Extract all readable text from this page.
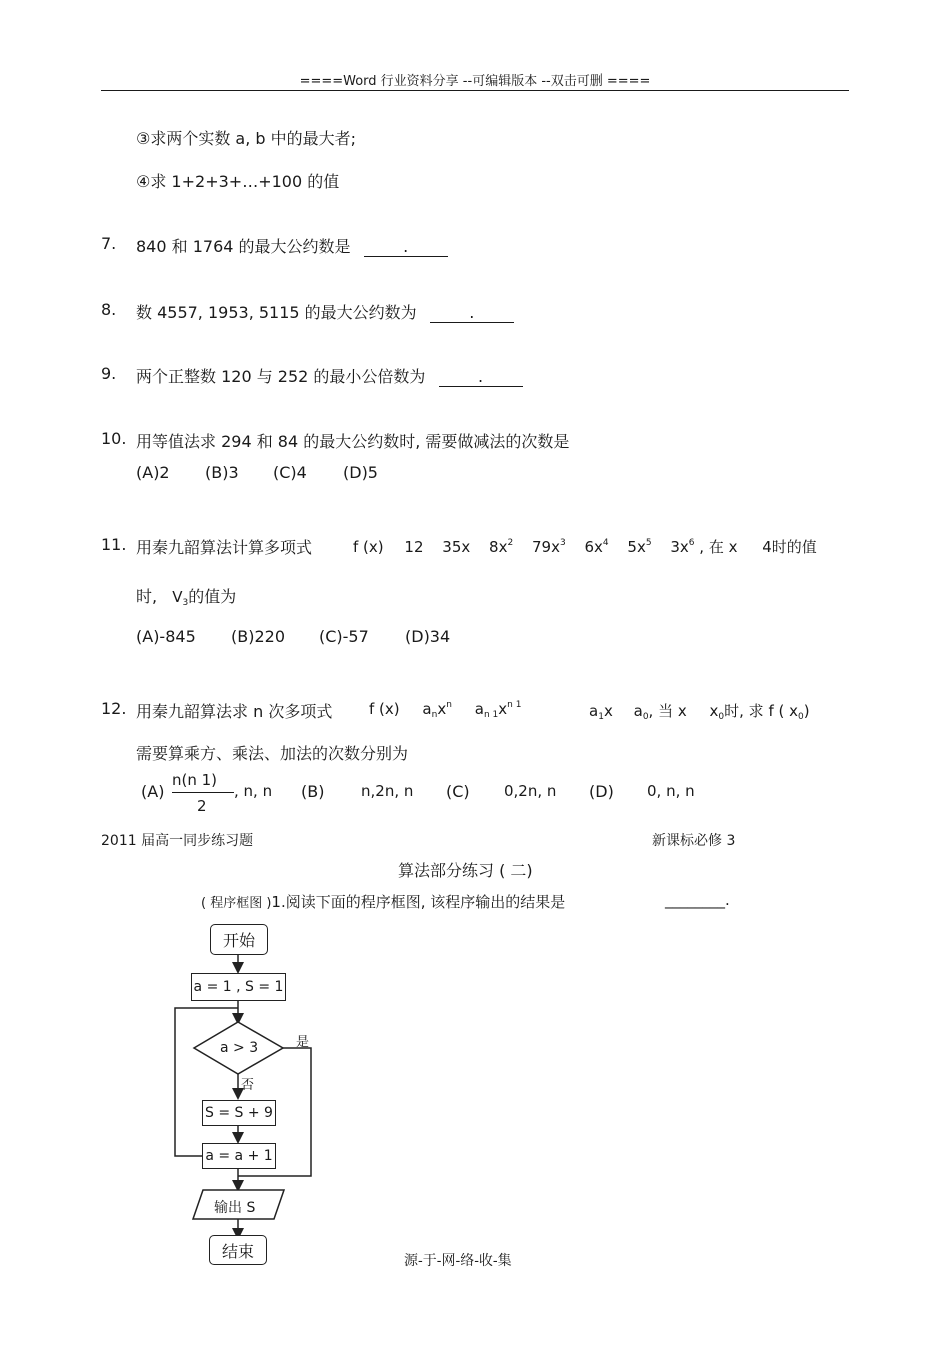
====Word 行业资料分享 --可编辑版本 --双击可删 ====
③求两个实数 a, b 中的最大者;
④求 1+2+3+…+100 的值
7. 840 和 1764 的最大公约数是	.
8. 数 4557, 1953, 5115 的最大公约数为	.
9. 两个正整数 120 与 252 的最小公倍数为	.
10. 用等值法求 294 和 84 的最大公约数时, 需要做减法的次数是
(A)2 (B)3 (C)4 (D)5
11. 用秦九韶算法计算多项式	f (x) 12 35x $8x^2$ $79x^3$ $6x^4$ $5x^5$ $3x^6$ , 在 x 4时的值
时, $V_3$的值为
(A)-845 (B)220 (C)-57 (D)34
12. 用秦九韶算法求 n 次多项式 f (x) $a_nx^n$ $a_{n 1}x^{n 1}$	$a_1x$ $a_0$, 当 x $x_0$时, 求 f ( $x_0$)
需要算乘方、乘法、加法的次数分别为
(A)
n(n 1)
2
, n, n (B) n,2n, n (C) 0,2n, n (D) 0, n, n
2011 届高一同步练习题	新课标必修 3
算法部分练习 ( 二)
( 程序框图 )1.阅读下面的程序框图, 该程序输出的结果是	________.
开始
a = 1 , S = 1
a > 3	是
否
S = S + 9
a = a + 1
输出 S
结束
源-于-网-络-收-集
